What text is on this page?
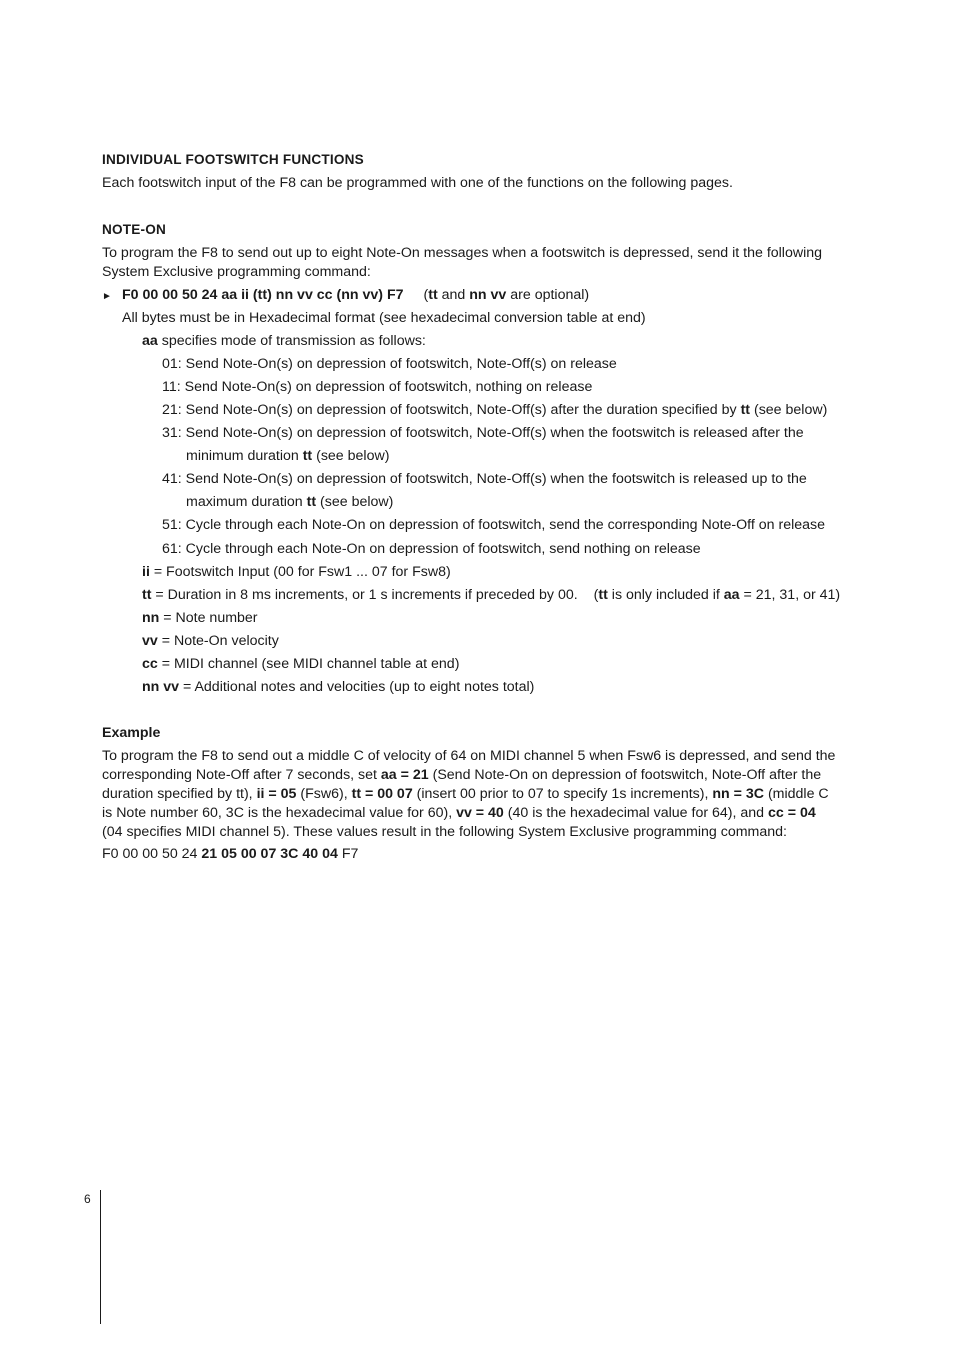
INDIVIDUAL FOOTSWITCH FUNCTIONS
Each footswitch input of the F8 can be programmed with one of the functions on the following pages.
NOTE-ON
To program the F8 to send out up to eight Note-On messages when a footswitch is depressed, send it the following
System Exclusive programming command:
► F0 00 00 50 24 aa ii (tt) nn vv cc (nn vv) F7 (tt and nn vv are optional)
All bytes must be in Hexadecimal format (see hexadecimal conversion table at end)
aa specifies mode of transmission as follows:
01: Send Note-On(s) on depression of footswitch, Note-Off(s) on release
11: Send Note-On(s) on depression of footswitch, nothing on release
21: Send Note-On(s) on depression of footswitch, Note-Off(s) after the duration specified by tt (see below)
31: Send Note-On(s) on depression of footswitch, Note-Off(s) when the footswitch is released after the
minimum duration tt (see below)
41: Send Note-On(s) on depression of footswitch, Note-Off(s) when the footswitch is released up to the
maximum duration tt (see below)
51: Cycle through each Note-On on depression of footswitch, send the corresponding Note-Off on release
61: Cycle through each Note-On on depression of footswitch, send nothing on release
ii = Footswitch Input (00 for Fsw1 ... 07 for Fsw8)
tt = Duration in 8 ms increments, or 1 s increments if preceded by 00. (tt is only included if aa = 21, 31, or 41)
nn = Note number
vv = Note-On velocity
cc = MIDI channel (see MIDI channel table at end)
nn vv = Additional notes and velocities (up to eight notes total)
Example
To program the F8 to send out a middle C of velocity of 64 on MIDI channel 5 when Fsw6 is depressed, and send the
corresponding Note-Off after 7 seconds, set aa = 21 (Send Note-On on depression of footswitch, Note-Off after the
duration specified by tt), ii = 05 (Fsw6), tt = 00 07 (insert 00 prior to 07 to specify 1s increments), nn = 3C (middle C
is Note number 60, 3C is the hexadecimal value for 60), vv = 40 (40 is the hexadecimal value for 64), and cc = 04
(04 specifies MIDI channel 5). These values result in the following System Exclusive programming command:
F0 00 00 50 24 21 05 00 07 3C 40 04 F7
6
